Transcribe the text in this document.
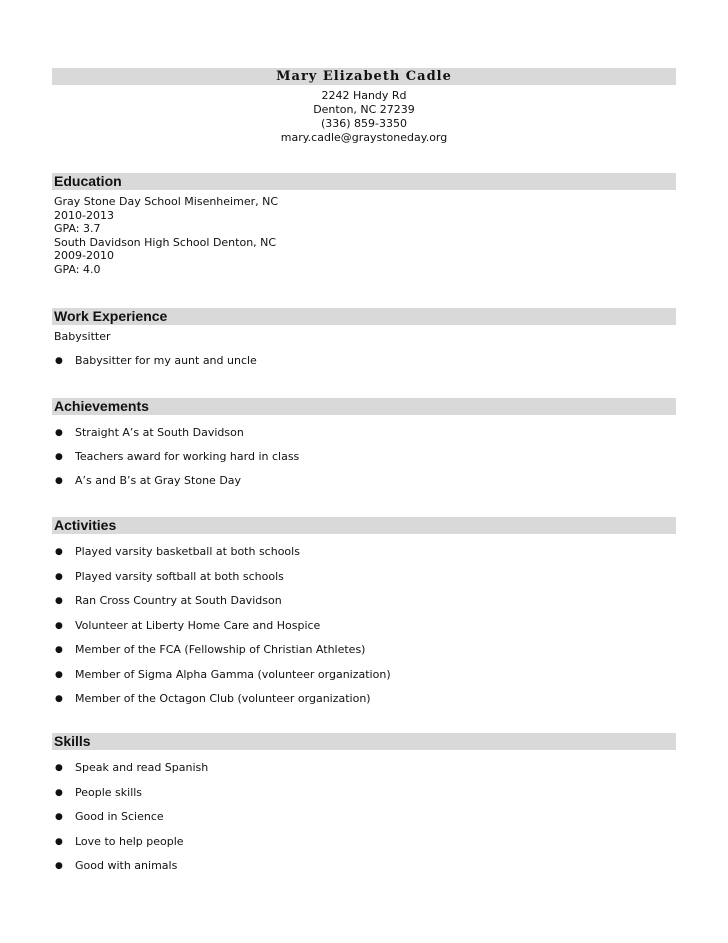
Mary Elizabeth Cadle
2242 Handy Rd
Denton, NC 27239
(336) 859-3350
mary.cadle@graystoneday.org
Education
Gray Stone Day School Misenheimer, NC
2010-2013
GPA: 3.7
South Davidson High School Denton, NC
2009-2010
GPA: 4.0
Work Experience
Babysitter
● Babysitter for my aunt and uncle
Achievements
● Straight A’s at South Davidson
● Teachers award for working hard in class
● A’s and B’s at Gray Stone Day
Activities
● Played varsity basketball at both schools
● Played varsity softball at both schools
● Ran Cross Country at South Davidson
● Volunteer at Liberty Home Care and Hospice
● Member of the FCA (Fellowship of Christian Athletes)
● Member of Sigma Alpha Gamma (volunteer organization)
● Member of the Octagon Club (volunteer organization)
Skills
● Speak and read Spanish
● People skills
● Good in Science
● Love to help people
● Good with animals
